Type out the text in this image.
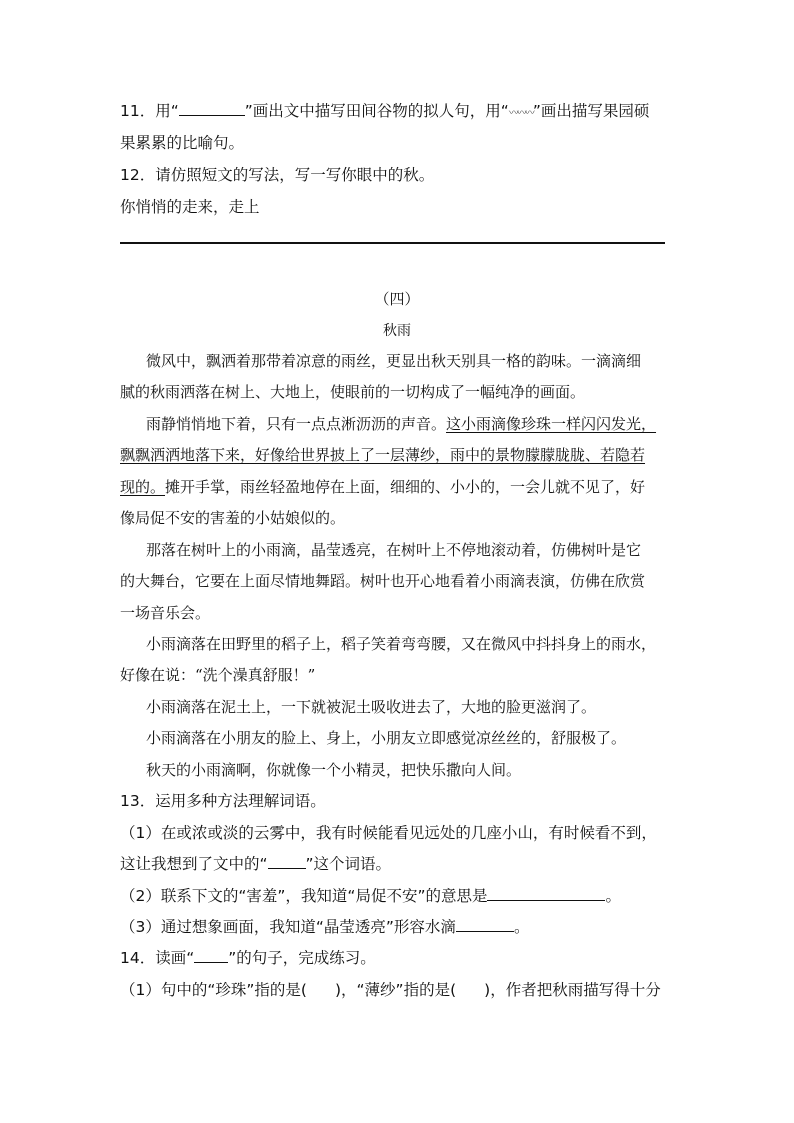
11．用“	”画出文中描写田间谷物的拟人句，用“〰〰〰”画出描写果园硕
果累累的比喻句。
12．请仿照短文的写法，写一写你眼中的秋。
你悄悄的走来，走上
（四）
秋雨
微风中，飘洒着那带着凉意的雨丝，更显出秋天别具一格的韵味。一滴滴细
腻的秋雨洒落在树上、大地上，使眼前的一切构成了一幅纯净的画面。
雨静悄悄地下着，只有一点点淅沥沥的声音。这小雨滴像珍珠一样闪闪发光，
飘飘洒洒地落下来，好像给世界披上了一层薄纱，雨中的景物朦朦胧胧、若隐若
现的。摊开手掌，雨丝轻盈地停在上面，细细的、小小的，一会儿就不见了，好
像局促不安的害羞的小姑娘似的。
那落在树叶上的小雨滴，晶莹透亮，在树叶上不停地滚动着，仿佛树叶是它
的大舞台，它要在上面尽情地舞蹈。树叶也开心地看着小雨滴表演，仿佛在欣赏
一场音乐会。
小雨滴落在田野里的稻子上，稻子笑着弯弯腰，又在微风中抖抖身上的雨水，
好像在说：“洗个澡真舒服！”
小雨滴落在泥土上，一下就被泥土吸收进去了，大地的脸更滋润了。
小雨滴落在小朋友的脸上、身上，小朋友立即感觉凉丝丝的，舒服极了。
秋天的小雨滴啊，你就像一个小精灵，把快乐撒向人间。
13．运用多种方法理解词语。
（1）在或浓或淡的云雾中，我有时候能看见远处的几座小山，有时候看不到，
这让我想到了文中的“ ”这个词语。
（2）联系下文的“害羞”，我知道“局促不安”的意思是	。
（3）通过想象画面，我知道“晶莹透亮”形容水滴	。
14．读画“ ”的句子，完成练习。
（1）句中的“珍珠”指的是( )，“薄纱”指的是( )，作者把秋雨描写得十分
